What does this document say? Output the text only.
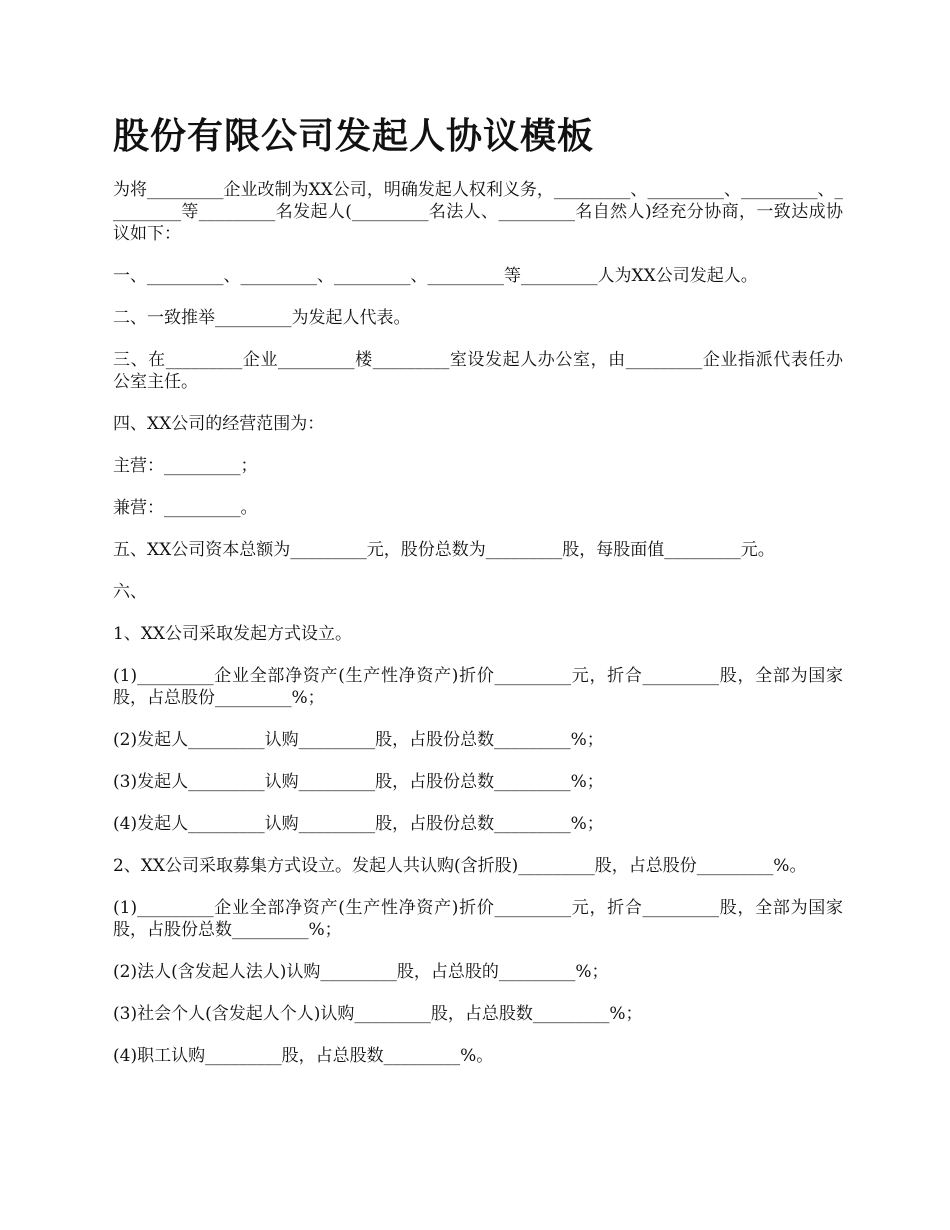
股份有限公司发起人协议模板

为将_________企业改制为XX公司，明确发起人权利义务，_________、_________、_________、_________等_________名发起人(_________名法人、_________名自然人)经充分协商，一致达成协议如下：

一、_________、_________、_________、_________等_________人为XX公司发起人。

二、一致推举_________为发起人代表。

三、在_________企业_________楼_________室设发起人办公室，由_________企业指派代表任办公室主任。

四、XX公司的经营范围为：

主营：_________；

兼营：_________。

五、XX公司资本总额为_________元，股份总数为_________股，每股面值_________元。

六、

1、XX公司采取发起方式设立。

(1)_________企业全部净资产(生产性净资产)折价_________元，折合_________股，全部为国家股，占总股份_________%；

(2)发起人_________认购_________股，占股份总数_________%；

(3)发起人_________认购_________股，占股份总数_________%；

(4)发起人_________认购_________股，占股份总数_________%；

2、XX公司采取募集方式设立。发起人共认购(含折股)_________股，占总股份_________%。

(1)_________企业全部净资产(生产性净资产)折价_________元，折合_________股，全部为国家股，占股份总数_________%；

(2)法人(含发起人法人)认购_________股，占总股的_________%；

(3)社会个人(含发起人个人)认购_________股，占总股数_________%；

(4)职工认购_________股，占总股数_________%。
